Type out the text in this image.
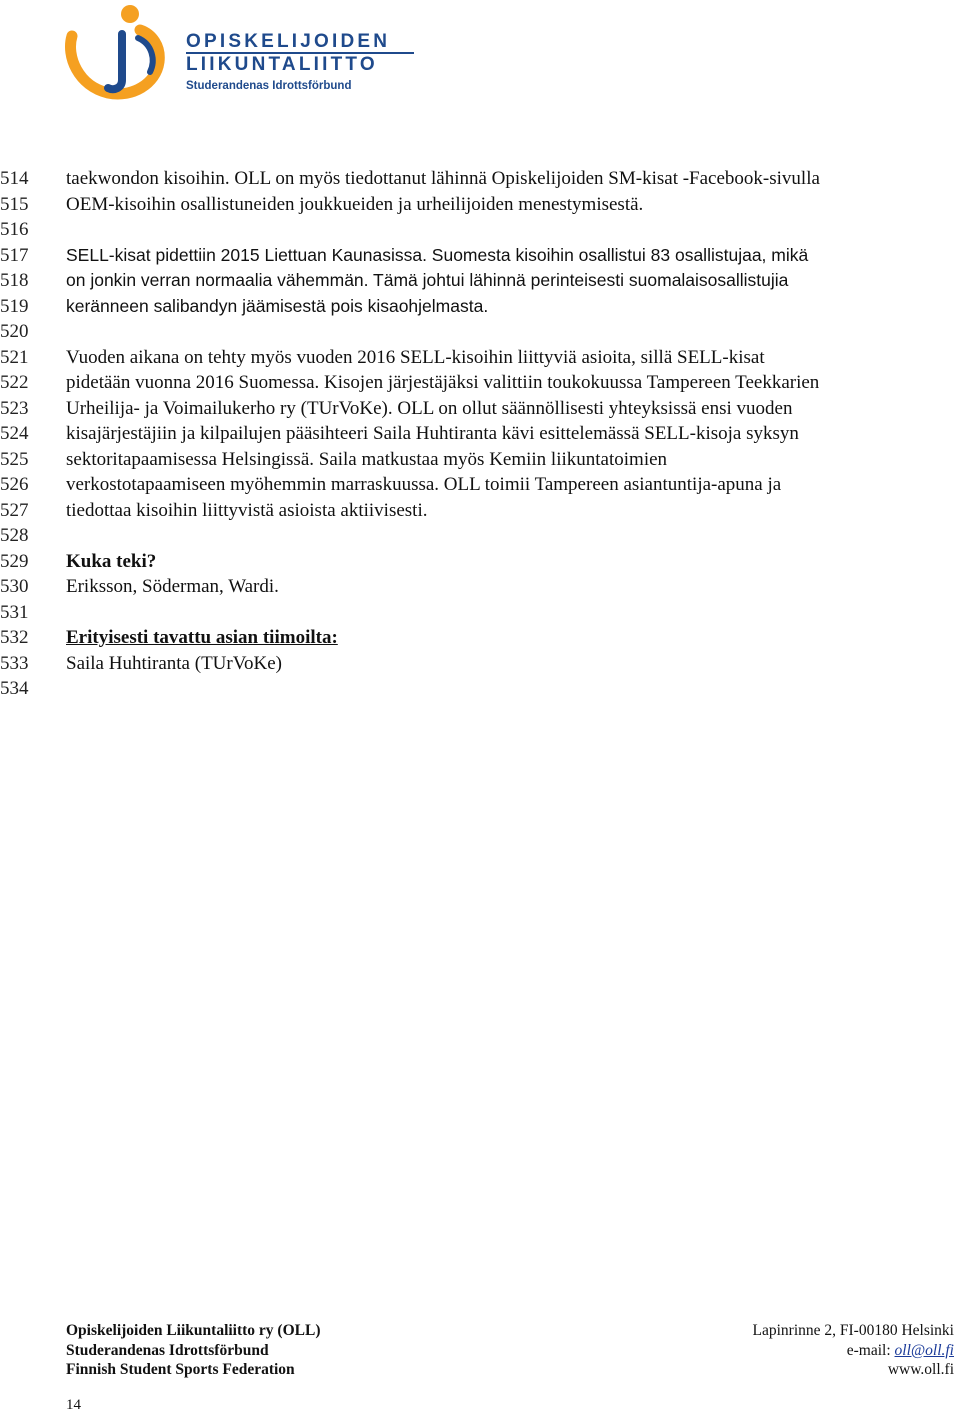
OPISKELIJOIDEN
LIIKUNTALIITTO
Studerandenas Idrottsförbund
514
515
516
517
518
519
520
521
522
523
524
525
526
527
528
529
530
531
532
533
534

taekwondon kisoihin. OLL on myös tiedottanut lähinnä Opiskelijoiden SM-kisat -Facebook-sivulla

OEM-kisoihin osallistuneiden joukkueiden ja urheilijoiden menestymisestä.

SELL-kisat pidettiin 2015 Liettuan Kaunasissa. Suomesta kisoihin osallistui 83 osallistujaa, mikä

on jonkin verran normaalia vähemmän. Tämä johtui lähinnä perinteisesti suomalaisosallistujia

keränneen salibandyn jäämisestä pois kisaohjelmasta.

Vuoden aikana on tehty myös vuoden 2016 SELL-kisoihin liittyviä asioita, sillä SELL-kisat

pidetään vuonna 2016 Suomessa. Kisojen järjestäjäksi valittiin toukokuussa Tampereen Teekkarien

Urheilija- ja Voimailukerho ry (TUrVoKe). OLL on ollut säännöllisesti yhteyksissä ensi vuoden

kisajärjestäjiin ja kilpailujen pääsihteeri Saila Huhtiranta kävi esittelemässä SELL-kisoja syksyn

sektoritapaamisessa Helsingissä. Saila matkustaa myös Kemiin liikuntatoimien

verkostotapaamiseen myöhemmin marraskuussa. OLL toimii Tampereen asiantuntija-apuna ja

tiedottaa kisoihin liittyvistä asioista aktiivisesti.

Kuka teki?

Eriksson, Söderman, Wardi.

Erityisesti tavattu asian tiimoilta:

Saila Huhtiranta (TUrVoKe)

Opiskelijoiden Liikuntaliitto ry (OLL)
Studerandenas Idrottsförbund
Finnish Student Sports Federation
Lapinrinne 2, FI-00180 Helsinki
e-mail: oll@oll.fi
www.oll.fi
14
